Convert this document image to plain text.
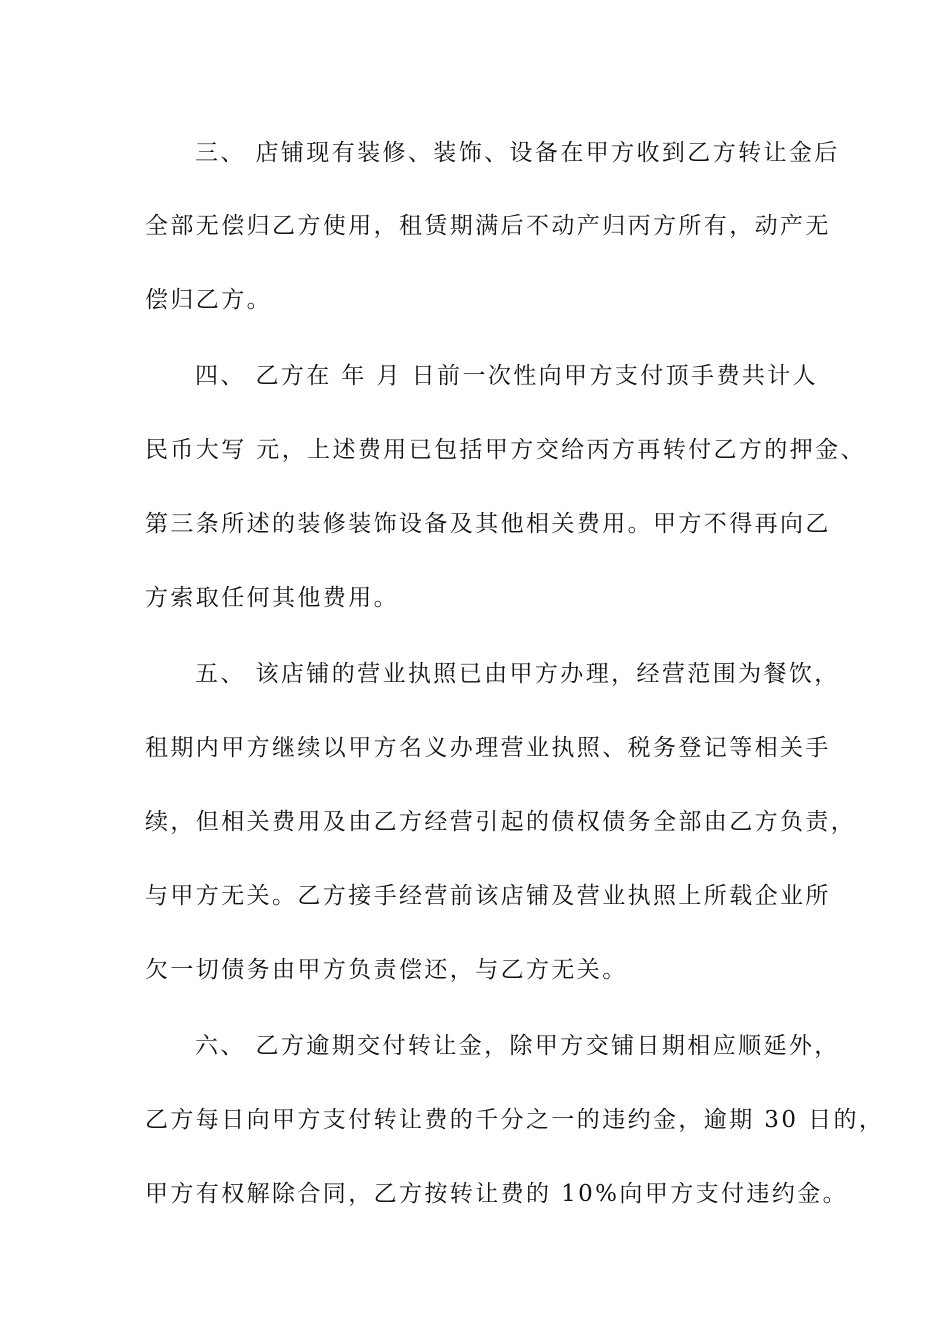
三、 店铺现有装修、装饰、设备在甲方收到乙方转让金后
全部无偿归乙方使用，租赁期满后不动产归丙方所有，动产无
偿归乙方。
四、 乙方在 年 月 日前一次性向甲方支付顶手费共计人
民币大写 元，上述费用已包括甲方交给丙方再转付乙方的押金、
第三条所述的装修装饰设备及其他相关费用。甲方不得再向乙
方索取任何其他费用。
五、 该店铺的营业执照已由甲方办理，经营范围为餐饮，
租期内甲方继续以甲方名义办理营业执照、税务登记等相关手
续，但相关费用及由乙方经营引起的债权债务全部由乙方负责，
与甲方无关。乙方接手经营前该店铺及营业执照上所载企业所
欠一切债务由甲方负责偿还，与乙方无关。
六、 乙方逾期交付转让金，除甲方交铺日期相应顺延外，
乙方每日向甲方支付转让费的千分之一的违约金，逾期 30 日的，
甲方有权解除合同，乙方按转让费的 10%向甲方支付违约金。
